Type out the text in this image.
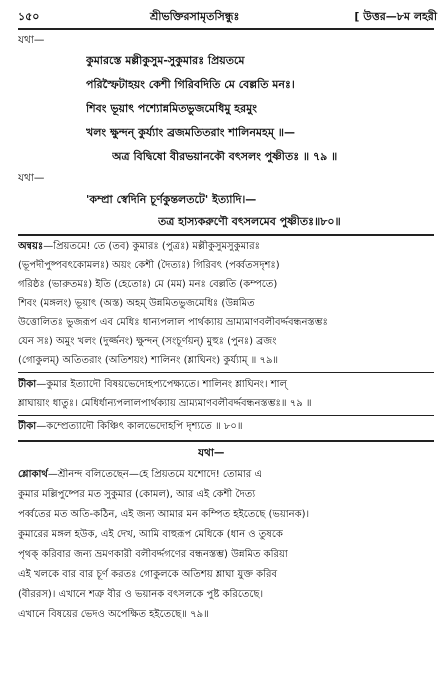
১৫০	শ্রীভক্তিরসামৃতসিন্ধুঃ	[ উত্তর—৮ম লহরী
যথা—
কুমারস্তে মল্লীকুসুম-সুকুমারঃ প্রিয়তমে
পরিস্ফৈটাহয়ং কেশী গিরিবদিতি মে বেল্লতি মনঃ।
শিবং ভূয়াৎ পশ্যোন্নমিতভুজমেধিমু হরমুং
খলং ক্ষুন্দন্ কুর্য্যাং ব্রজমতিতরাং শালিনমহম্ ॥—
অত্র বিদ্বিষো বীরভয়ানকৌ বৎসলং পুষ্ণীতঃ ॥ ৭৯ ॥
যথা—
'কম্প্রা স্বেদিনি চূর্ণকুন্তলতটে' ইত্যাদি।—
তত্র হাস্যকরুণৌ বৎসলমেব পুষ্ণীতঃ॥৮০॥
অন্বয়ঃ—প্রিয়তমে! তে (তব) কুমারঃ (পুত্রঃ) মল্লীকুসুমসুকুমারঃ
(ভূপদীপুষ্পবৎকোমলঃ) অয়ং কেশী (দৈত্যঃ) গিরিবৎ (পর্ব্বতসদৃশঃ)
গরিষ্ঠঃ (ভারুতমঃ) ইতি (হেতোঃ) মে (মম) মনঃ বেল্লতি (কম্পতে)
শিবং (মঙ্গলং) ভূয়াৎ (অস্ত) অহম্ উন্নমিতভুজমেধিঃ (উন্নমিত
উত্তোলিতঃ ভুজরূপ এব মেধিঃ ধান্যপলাল পার্থক্যায় ভ্রাম্যমাণবলীবর্দ্দবন্ধনস্তম্ভঃ
যেন সঃ) অমুং খলং (দুর্জ্জনং) ক্ষুন্দন্ (সংচূর্ণয়ন্) মুহুঃ (পুনঃ) ব্রজং
(গোকুলম্) অতিতরাং (অতিশয়ং) শালিনং (শ্লাঘিনং) কুর্য্যাম্ ॥ ৭৯॥
টীকা—কুমার ইত্যাদৌ বিষয়ভেদোহপ্যপেক্ষ্যতে। শালিনং শ্লাঘিনং। শাল্
শ্লাঘায়াং ধাতুঃ। মেধির্ধান্যপলালপার্থক্যায় ভ্রাম্যমাণবলীবর্দ্দবন্ধনস্তম্ভঃ॥ ৭৯ ॥
টীকা—কম্প্রেত্যাদৌ কিঞ্চিৎ কালভেদোহপি দৃশ্যতে ॥ ৮০॥
যথা—
শ্লোকার্থ—শ্রীনন্দ বলিতেছেন—হে প্রিয়তমে যশোদে! তোমার এ
কুমার মল্লিপুষ্পের মত সুকুমার (কোমল), আর এই কেশী দৈত্য
পর্ব্বতের মত অতি-কঠিন, এই জন্য আমার মন কম্পিত হইতেছে (ভয়ানক)।
কুমারের মঙ্গল হউক, এই দেখ, আমি বাহুরূপ মেধিকে (ধান ও তুষকে
পৃথক্ করিবার জন্য ভ্রমণকারী বলীবর্দ্দগণের বন্ধনস্তম্ভ) উন্নমিত করিয়া
এই খলকে বার বার চূর্ণ করতঃ গোকুলকে অতিশয় শ্লাঘা যুক্ত করিব
(বীররস)। এখানে শত্রু বীর ও ভয়ানক বৎসলকে পুষ্ট করিতেছে।
এখানে বিষয়ের ভেদও অপেক্ষিত হইতেছে॥ ৭৯॥
